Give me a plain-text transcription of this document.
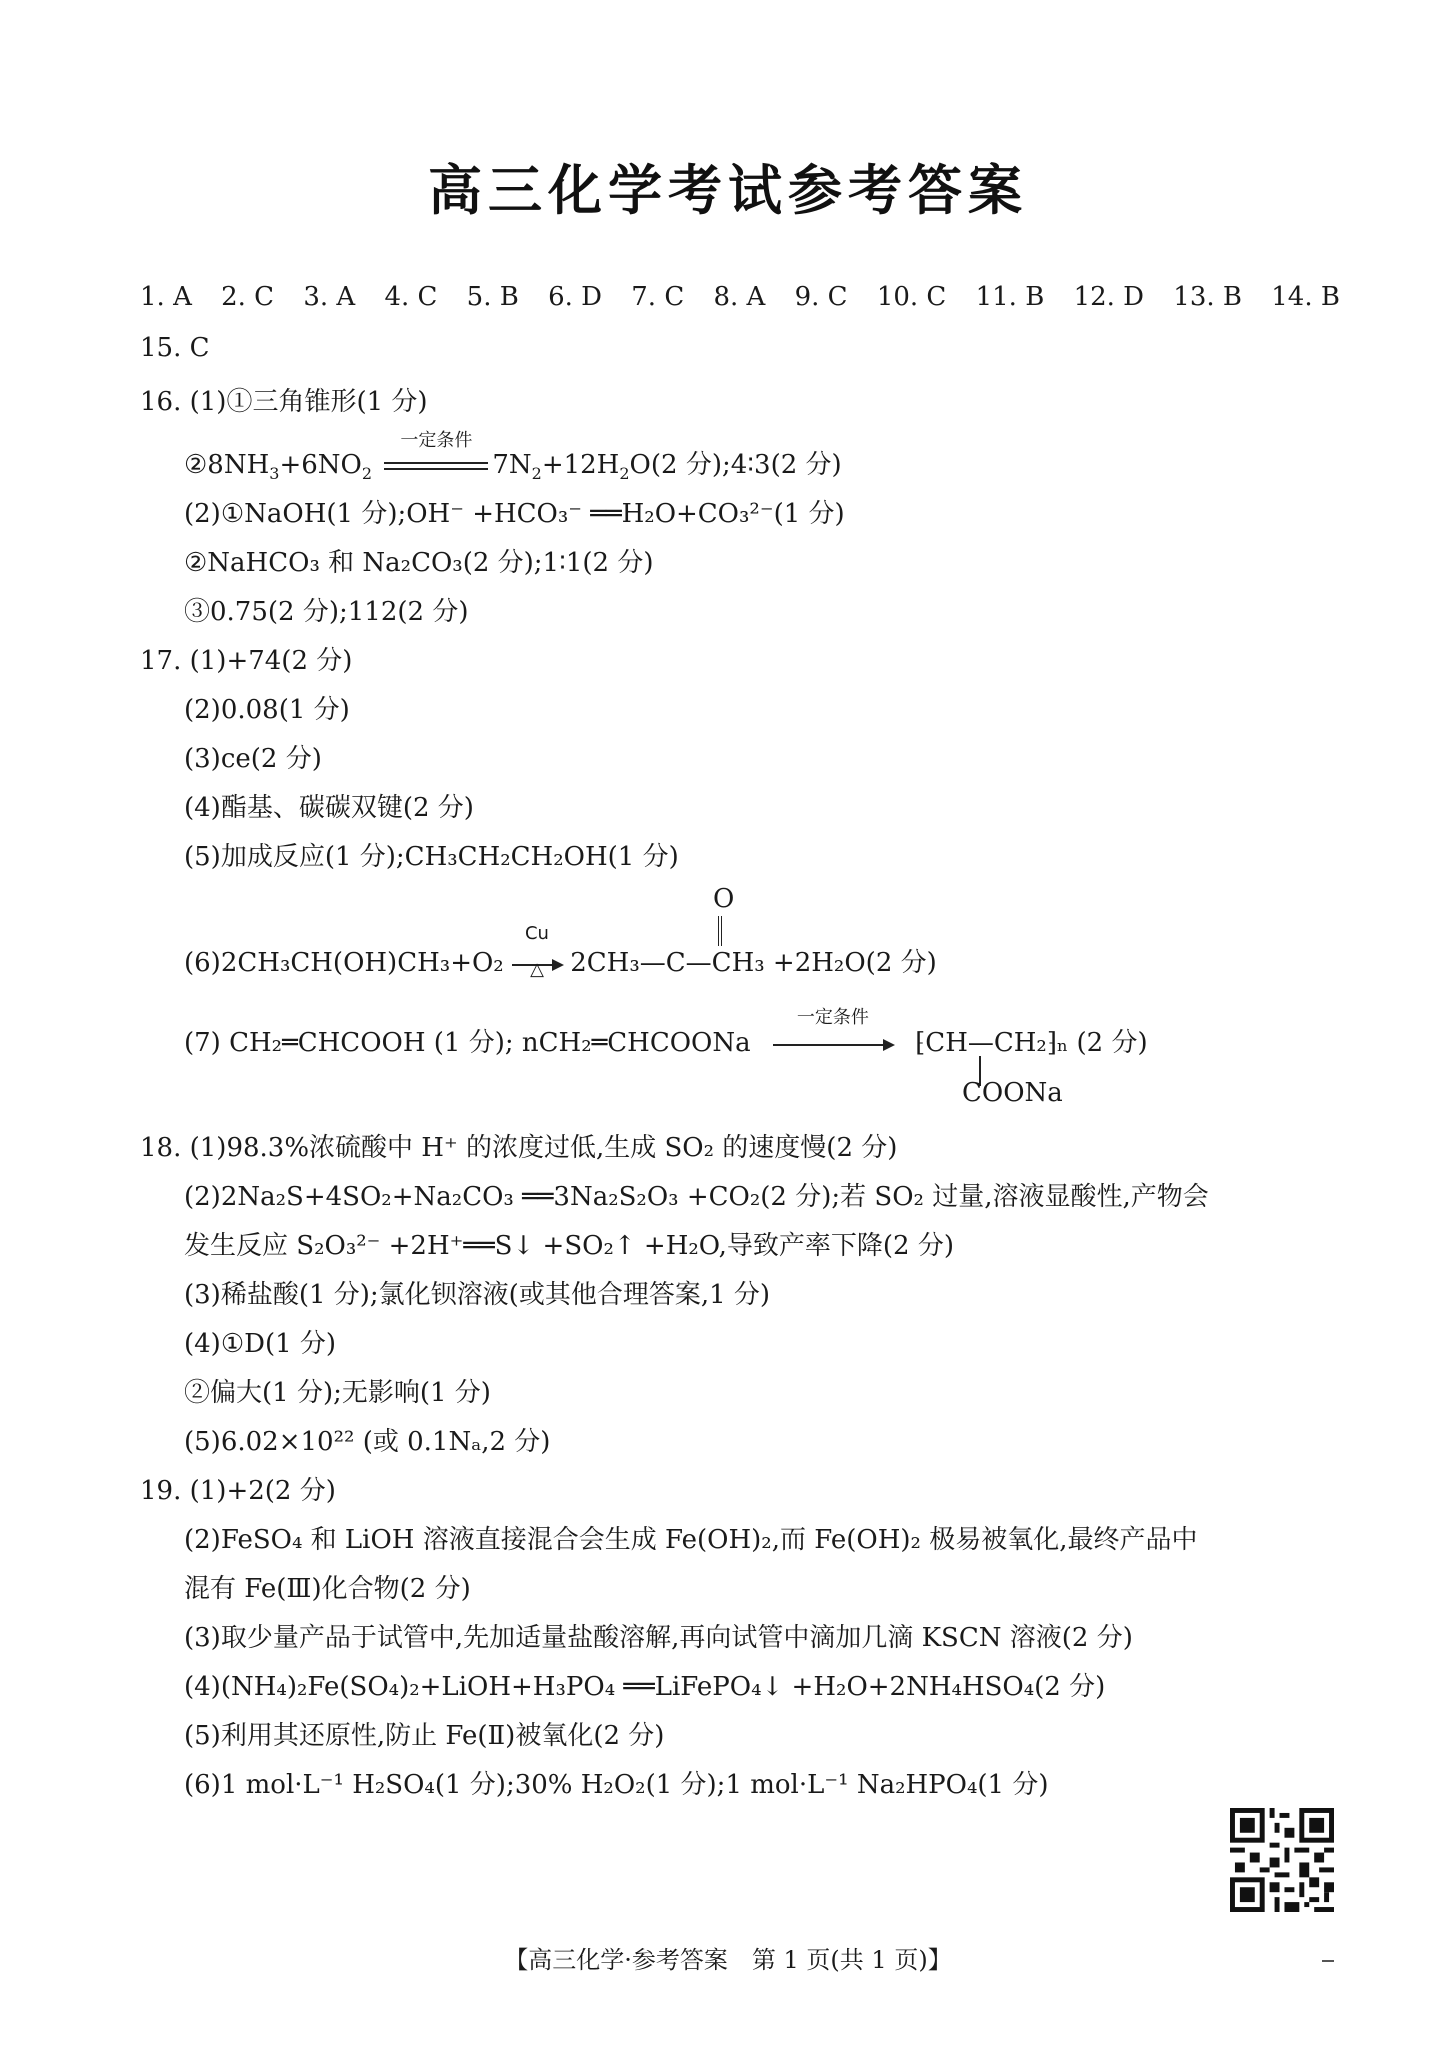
高三化学考试参考答案
1. A 2. C 3. A 4. C 5. B 6. D 7. C 8. A 9. C 10. C 11. B 12. D 13. B 14. B
15. C
16. (1)①三角锥形(1 分)
$②8NH_3+6NO_2$
一定条件
$7N_2+12H_2O(2$ 分);4∶3(2 分)
(2)①NaOH(1 分);OH⁻ +HCO₃⁻ ══H₂O+CO₃²⁻(1 分)
②NaHCO₃ 和 Na₂CO₃(2 分);1∶1(2 分)
③0.75(2 分);112(2 分)
17. (1)+74(2 分)
(2)0.08(1 分)
(3)ce(2 分)
(4)酯基、碳碳双键(2 分)
(5)加成反应(1 分);CH₃CH₂CH₂OH(1 分)
O
(6)2CH₃CH(OH)CH₃+O₂
Cu
△	2CH₃—C—CH₃ +2H₂O(2 分)
(7) CH₂═CHCOOH (1 分); nCH₂═CHCOONa
一定条件
⁅CH—CH₂⁆ₙ (2 分)
COONa
18. (1)98.3%浓硫酸中 H⁺ 的浓度过低,生成 SO₂ 的速度慢(2 分)
(2)2Na₂S+4SO₂+Na₂CO₃ ══3Na₂S₂O₃ +CO₂(2 分);若 SO₂ 过量,溶液显酸性,产物会
发生反应 S₂O₃²⁻ +2H⁺══S↓ +SO₂↑ +H₂O,导致产率下降(2 分)
(3)稀盐酸(1 分);氯化钡溶液(或其他合理答案,1 分)
(4)①D(1 分)
②偏大(1 分);无影响(1 分)
(5)6.02×10²² (或 0.1Nₐ,2 分)
19. (1)+2(2 分)
(2)FeSO₄ 和 LiOH 溶液直接混合会生成 Fe(OH)₂,而 Fe(OH)₂ 极易被氧化,最终产品中
混有 Fe(Ⅲ)化合物(2 分)
(3)取少量产品于试管中,先加适量盐酸溶解,再向试管中滴加几滴 KSCN 溶液(2 分)
(4)(NH₄)₂Fe(SO₄)₂+LiOH+H₃PO₄ ══LiFePO₄↓ +H₂O+2NH₄HSO₄(2 分)
(5)利用其还原性,防止 Fe(Ⅱ)被氧化(2 分)
(6)1 mol·L⁻¹ H₂SO₄(1 分);30% H₂O₂(1 分);1 mol·L⁻¹ Na₂HPO₄(1 分)
【高三化学·参考答案　第 1 页(共 1 页)】
